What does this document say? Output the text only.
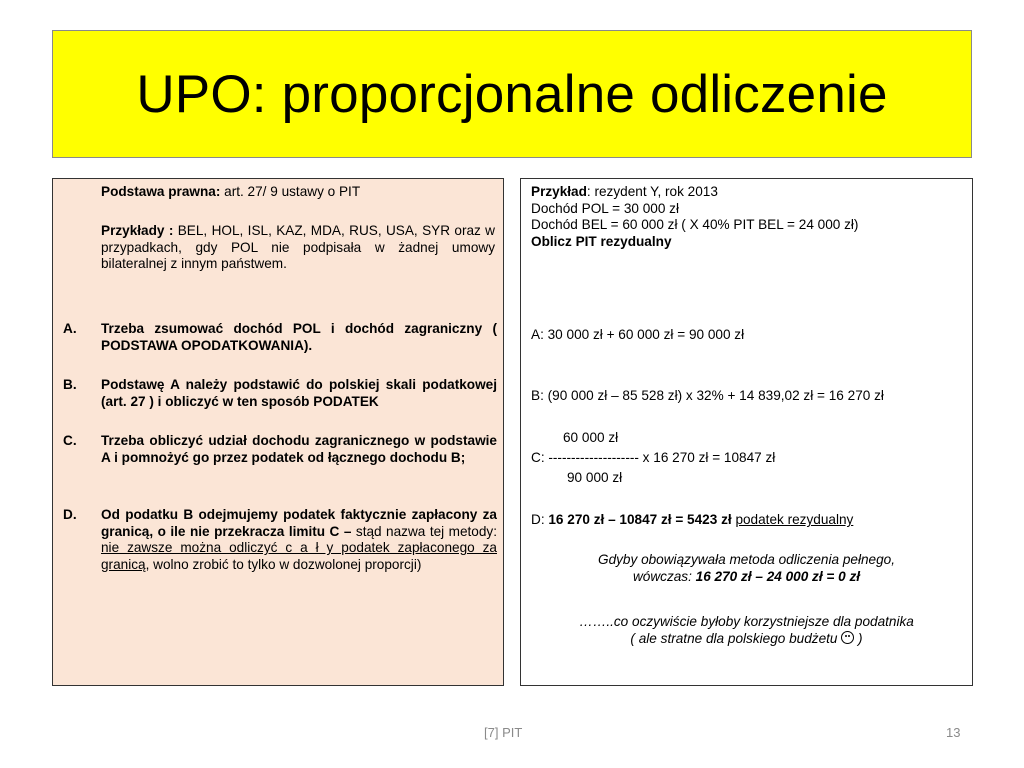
UPO: proporcjonalne odliczenie
Podstawa prawna: art. 27/ 9 ustawy o PIT
Przykłady : BEL, HOL, ISL, KAZ, MDA, RUS, USA, SYR oraz w przypadkach, gdy POL nie podpisała w żadnej umowy bilateralnej z innym państwem.
A. Trzeba zsumować dochód POL i dochód zagraniczny ( PODSTAWA OPODATKOWANIA).
B. Podstawę A należy podstawić do polskiej skali podatkowej (art. 27 ) i obliczyć w ten sposób PODATEK
C. Trzeba obliczyć udział dochodu zagranicznego w podstawie A i pomnożyć go przez podatek od łącznego dochodu B;
D. Od podatku B odejmujemy podatek faktycznie zapłacony za granicą, o ile nie przekracza limitu C – stąd nazwa tej metody: nie zawsze można odliczyć c a ł y podatek zapłaconego za granicą, wolno zrobić to tylko w dozwolonej proporcji)
Przykład: rezydent Y, rok 2013
Dochód POL = 30 000 zł
Dochód BEL = 60 000 zł ( X 40% PIT BEL = 24 000 zł)
Oblicz PIT rezydualny
A: 30 000 zł + 60 000 zł = 90 000 zł
B: (90 000 zł – 85 528 zł) x 32% + 14 839,02 zł = 16 270 zł
60 000 zł
C: -------------------- x 16 270 zł = 10847 zł
90 000 zł
D: 16 270 zł – 10847 zł = 5423 zł podatek rezydualny
Gdyby obowiązywała metoda odliczenia pełnego,
wówczas: 16 270 zł – 24 000 zł = 0 zł
……..co oczywiście byłoby korzystniejsze dla podatnika
( ale stratne dla polskiego budżetu  )
[7] PIT	13
